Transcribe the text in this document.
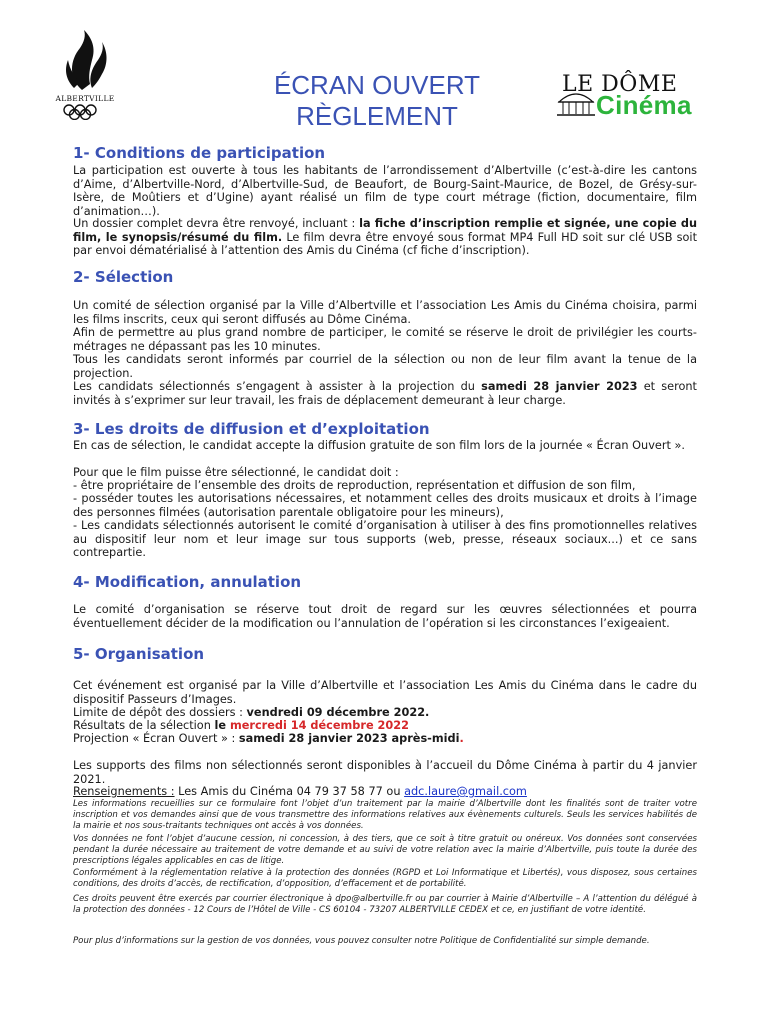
ALBERTVILLE	ÉCRAN OUVERT
RÈGLEMENT
LE DÔME
Cinéma
1- Conditions de participation
La participation est ouverte à tous les habitants de l’arrondissement d’Albertville (c’est-à-dire les cantons d’Aime, d’Albertville-Nord, d’Albertville-Sud, de Beaufort, de Bourg-Saint-Maurice, de Bozel, de Grésy-sur-Isère, de Moûtiers et d’Ugine) ayant réalisé un film de type court métrage (fiction, documentaire, film d’animation…).
Un dossier complet devra être renvoyé, incluant : la fiche d’inscription remplie et signée, une copie du film, le synopsis/résumé du film. Le film devra être envoyé sous format MP4 Full HD soit sur clé USB soit par envoi dématérialisé à l’attention des Amis du Cinéma (cf fiche d’inscription).
2- Sélection
Un comité de sélection organisé par la Ville d’Albertville et l’association Les Amis du Cinéma choisira, parmi les films inscrits, ceux qui seront diffusés au Dôme Cinéma.
Afin de permettre au plus grand nombre de participer, le comité se réserve le droit de privilégier les courts-métrages ne dépassant pas les 10 minutes.
Tous les candidats seront informés par courriel de la sélection ou non de leur film avant la tenue de la projection.
Les candidats sélectionnés s’engagent à assister à la projection du samedi 28 janvier 2023 et seront invités à s’exprimer sur leur travail, les frais de déplacement demeurant à leur charge.
3- Les droits de diffusion et d’exploitation
En cas de sélection, le candidat accepte la diffusion gratuite de son film lors de la journée « Écran Ouvert ».
Pour que le film puisse être sélectionné, le candidat doit :
- être propriétaire de l’ensemble des droits de reproduction, représentation et diffusion de son film,
- posséder toutes les autorisations nécessaires, et notamment celles des droits musicaux et droits à l’image des personnes filmées (autorisation parentale obligatoire pour les mineurs),
- Les candidats sélectionnés autorisent le comité d’organisation à utiliser à des fins promotionnelles relatives au dispositif leur nom et leur image sur tous supports (web, presse, réseaux sociaux...) et ce sans contrepartie.
4- Modification, annulation
Le comité d’organisation se réserve tout droit de regard sur les œuvres sélectionnées et pourra éventuellement décider de la modification ou l’annulation de l’opération si les circonstances l’exigeaient.
5- Organisation
Cet événement est organisé par la Ville d’Albertville et l’association Les Amis du Cinéma dans le cadre du dispositif Passeurs d’Images.
Limite de dépôt des dossiers : vendredi 09 décembre 2022.
Résultats de la sélection le mercredi 14 décembre 2022
Projection « Écran Ouvert » : samedi 28 janvier 2023 après-midi.
Les supports des films non sélectionnés seront disponibles à l’accueil du Dôme Cinéma à partir du 4 janvier 2021.
Renseignements : Les Amis du Cinéma 04 79 37 58 77 ou adc.laure@gmail.com
Les informations recueillies sur ce formulaire font l’objet d’un traitement par la mairie d’Albertville dont les finalités sont de traiter votre inscription et vos demandes ainsi que de vous transmettre des informations relatives aux évènements culturels. Seuls les services habilités de la mairie et nos sous-traitants techniques ont accès à vos données.
Vos données ne font l’objet d’aucune cession, ni concession, à des tiers, que ce soit à titre gratuit ou onéreux. Vos données sont conservées pendant la durée nécessaire au traitement de votre demande et au suivi de votre relation avec la mairie d’Albertville, puis toute la durée des prescriptions légales applicables en cas de litige.
Conformément à la réglementation relative à la protection des données (RGPD et Loi Informatique et Libertés), vous disposez, sous certaines conditions, des droits d’accès, de rectification, d’opposition, d’effacement et de portabilité.
Ces droits peuvent être exercés par courrier électronique à dpo@albertville.fr ou par courrier à Mairie d’Albertville – A l’attention du délégué à la protection des données - 12 Cours de l’Hôtel de Ville - CS 60104 - 73207 ALBERTVILLE CEDEX et ce, en justifiant de votre identité.
Pour plus d’informations sur la gestion de vos données, vous pouvez consulter notre Politique de Confidentialité sur simple demande.
